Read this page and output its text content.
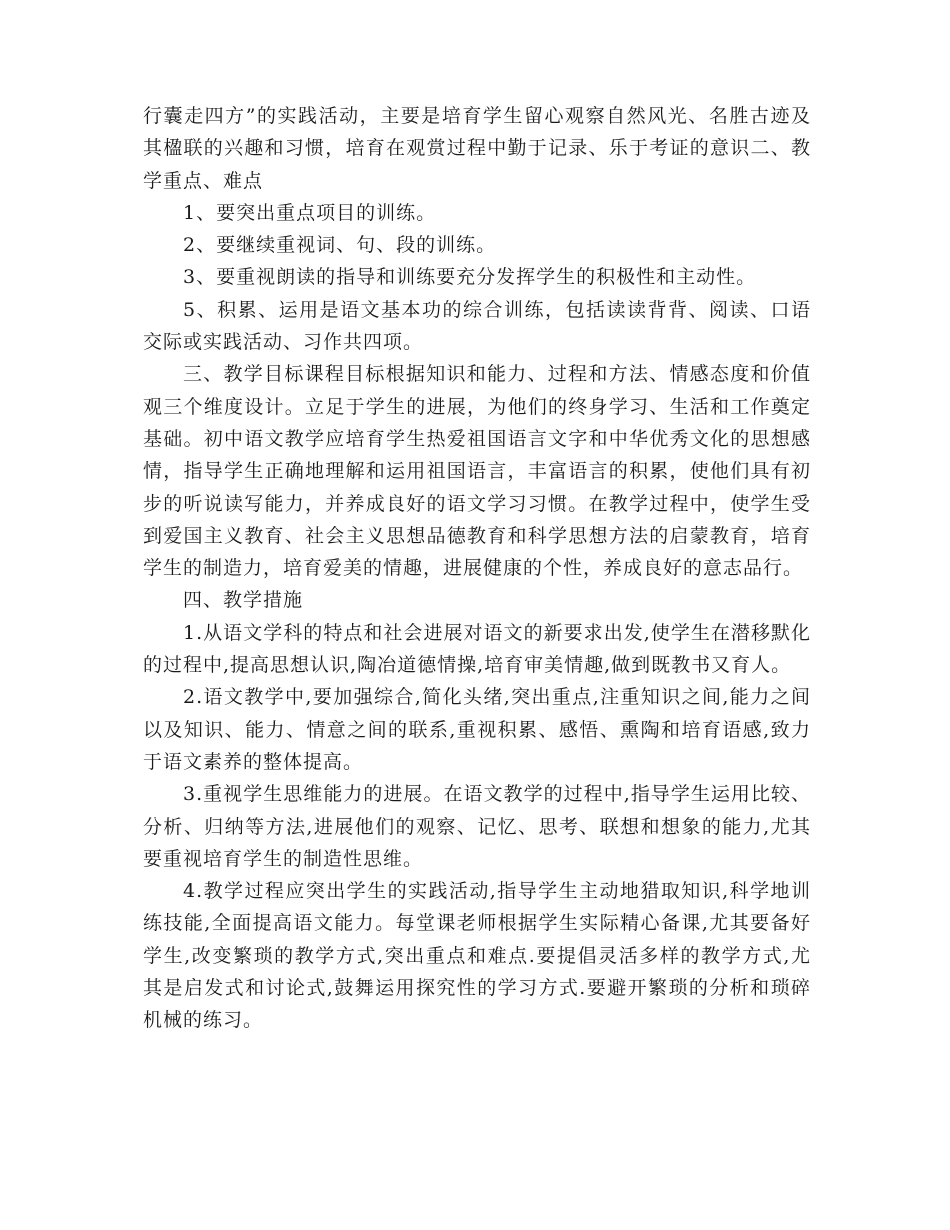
行囊走四方”的实践活动，主要是培育学生留心观察自然风光、名胜古迹及其楹联的兴趣和习惯，培育在观赏过程中勤于记录、乐于考证的意识二、教学重点、难点

1、要突出重点项目的训练。

2、要继续重视词、句、段的训练。

3、要重视朗读的指导和训练要充分发挥学生的积极性和主动性。

5、积累、运用是语文基本功的综合训练，包括读读背背、阅读、口语交际或实践活动、习作共四项。

三、教学目标课程目标根据知识和能力、过程和方法、情感态度和价值观三个维度设计。立足于学生的进展，为他们的终身学习、生活和工作奠定基础。初中语文教学应培育学生热爱祖国语言文字和中华优秀文化的思想感情，指导学生正确地理解和运用祖国语言，丰富语言的积累，使他们具有初步的听说读写能力，并养成良好的语文学习习惯。在教学过程中，使学生受到爱国主义教育、社会主义思想品德教育和科学思想方法的启蒙教育，培育学生的制造力，培育爱美的情趣，进展健康的个性，养成良好的意志品行。

四、教学措施

1.从语文学科的特点和社会进展对语文的新要求出发,使学生在潜移默化的过程中,提高思想认识,陶冶道德情操,培育审美情趣,做到既教书又育人。

2.语文教学中,要加强综合,简化头绪,突出重点,注重知识之间,能力之间以及知识、能力、情意之间的联系,重视积累、感悟、熏陶和培育语感,致力于语文素养的整体提高。

3.重视学生思维能力的进展。在语文教学的过程中,指导学生运用比较、分析、归纳等方法,进展他们的观察、记忆、思考、联想和想象的能力,尤其要重视培育学生的制造性思维。

4.教学过程应突出学生的实践活动,指导学生主动地猎取知识,科学地训练技能,全面提高语文能力。每堂课老师根据学生实际精心备课,尤其要备好学生,改变繁琐的教学方式,突出重点和难点.要提倡灵活多样的教学方式,尤其是启发式和讨论式,鼓舞运用探究性的学习方式.要避开繁琐的分析和琐碎机械的练习。
